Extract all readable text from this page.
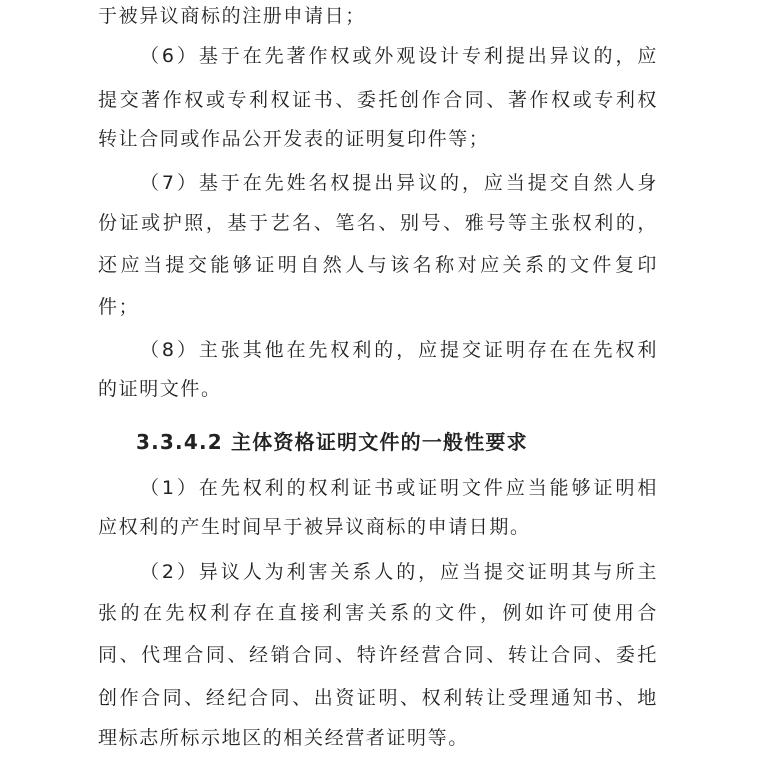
于被异议商标的注册申请日；
（6）基于在先著作权或外观设计专利提出异议的，应
提交著作权或专利权证书、委托创作合同、著作权或专利权
转让合同或作品公开发表的证明复印件等；
（7）基于在先姓名权提出异议的，应当提交自然人身
份证或护照，基于艺名、笔名、别号、雅号等主张权利的，
还应当提交能够证明自然人与该名称对应关系的文件复印
件；
（8）主张其他在先权利的，应提交证明存在在先权利
的证明文件。
3.3.4.2 主体资格证明文件的一般性要求
（1）在先权利的权利证书或证明文件应当能够证明相
应权利的产生时间早于被异议商标的申请日期。
（2）异议人为利害关系人的，应当提交证明其与所主
张的在先权利存在直接利害关系的文件，例如许可使用合
同、代理合同、经销合同、特许经营合同、转让合同、委托
创作合同、经纪合同、出资证明、权利转让受理通知书、地
理标志所标示地区的相关经营者证明等。
